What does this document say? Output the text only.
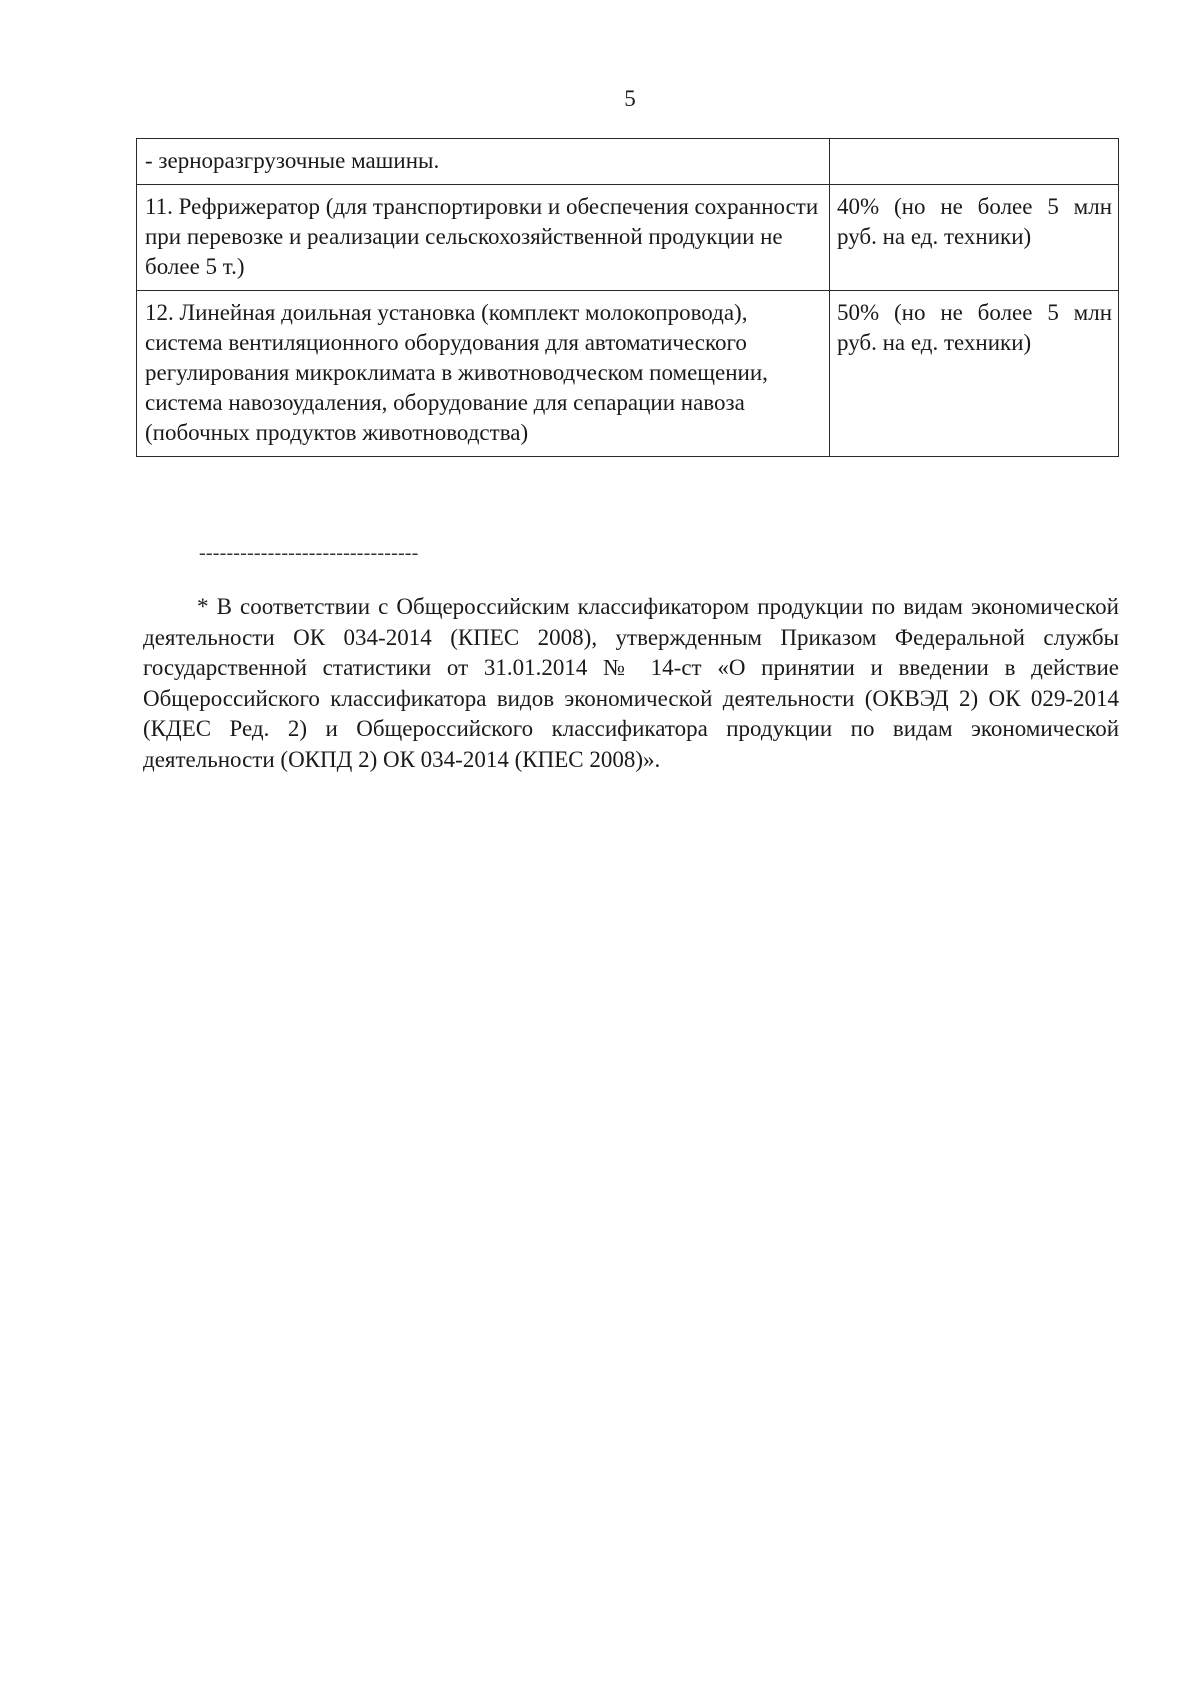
5
- зерноразгрузочные машины.	
11. Рефрижератор (для транспортировки и обеспечения сохранности при перевозке и реализации сельскохозяйственной продукции не более 5 т.)	40% (но не более 5 млн руб. на ед. техники)
12. Линейная доильная установка (комплект молокопровода), система вентиляционного оборудования для автоматического регулирования микроклимата в животноводческом помещении, система навозоудаления, оборудование для сепарации навоза (побочных продуктов животноводства)	50% (но не более 5 млн руб. на ед. техники)
--------------------------------

* В соответствии с Общероссийским классификатором продукции по видам экономической деятельности ОК 034-2014 (КПЕС 2008), утвержденным Приказом Федеральной службы государственной статистики от 31.01.2014 № 14-ст «О принятии и введении в действие Общероссийского классификатора видов экономической деятельности (ОКВЭД 2) ОК 029-2014 (КДЕС Ред. 2) и Общероссийского классификатора продукции по видам экономической деятельности (ОКПД 2) ОК 034-2014 (КПЕС 2008)».
